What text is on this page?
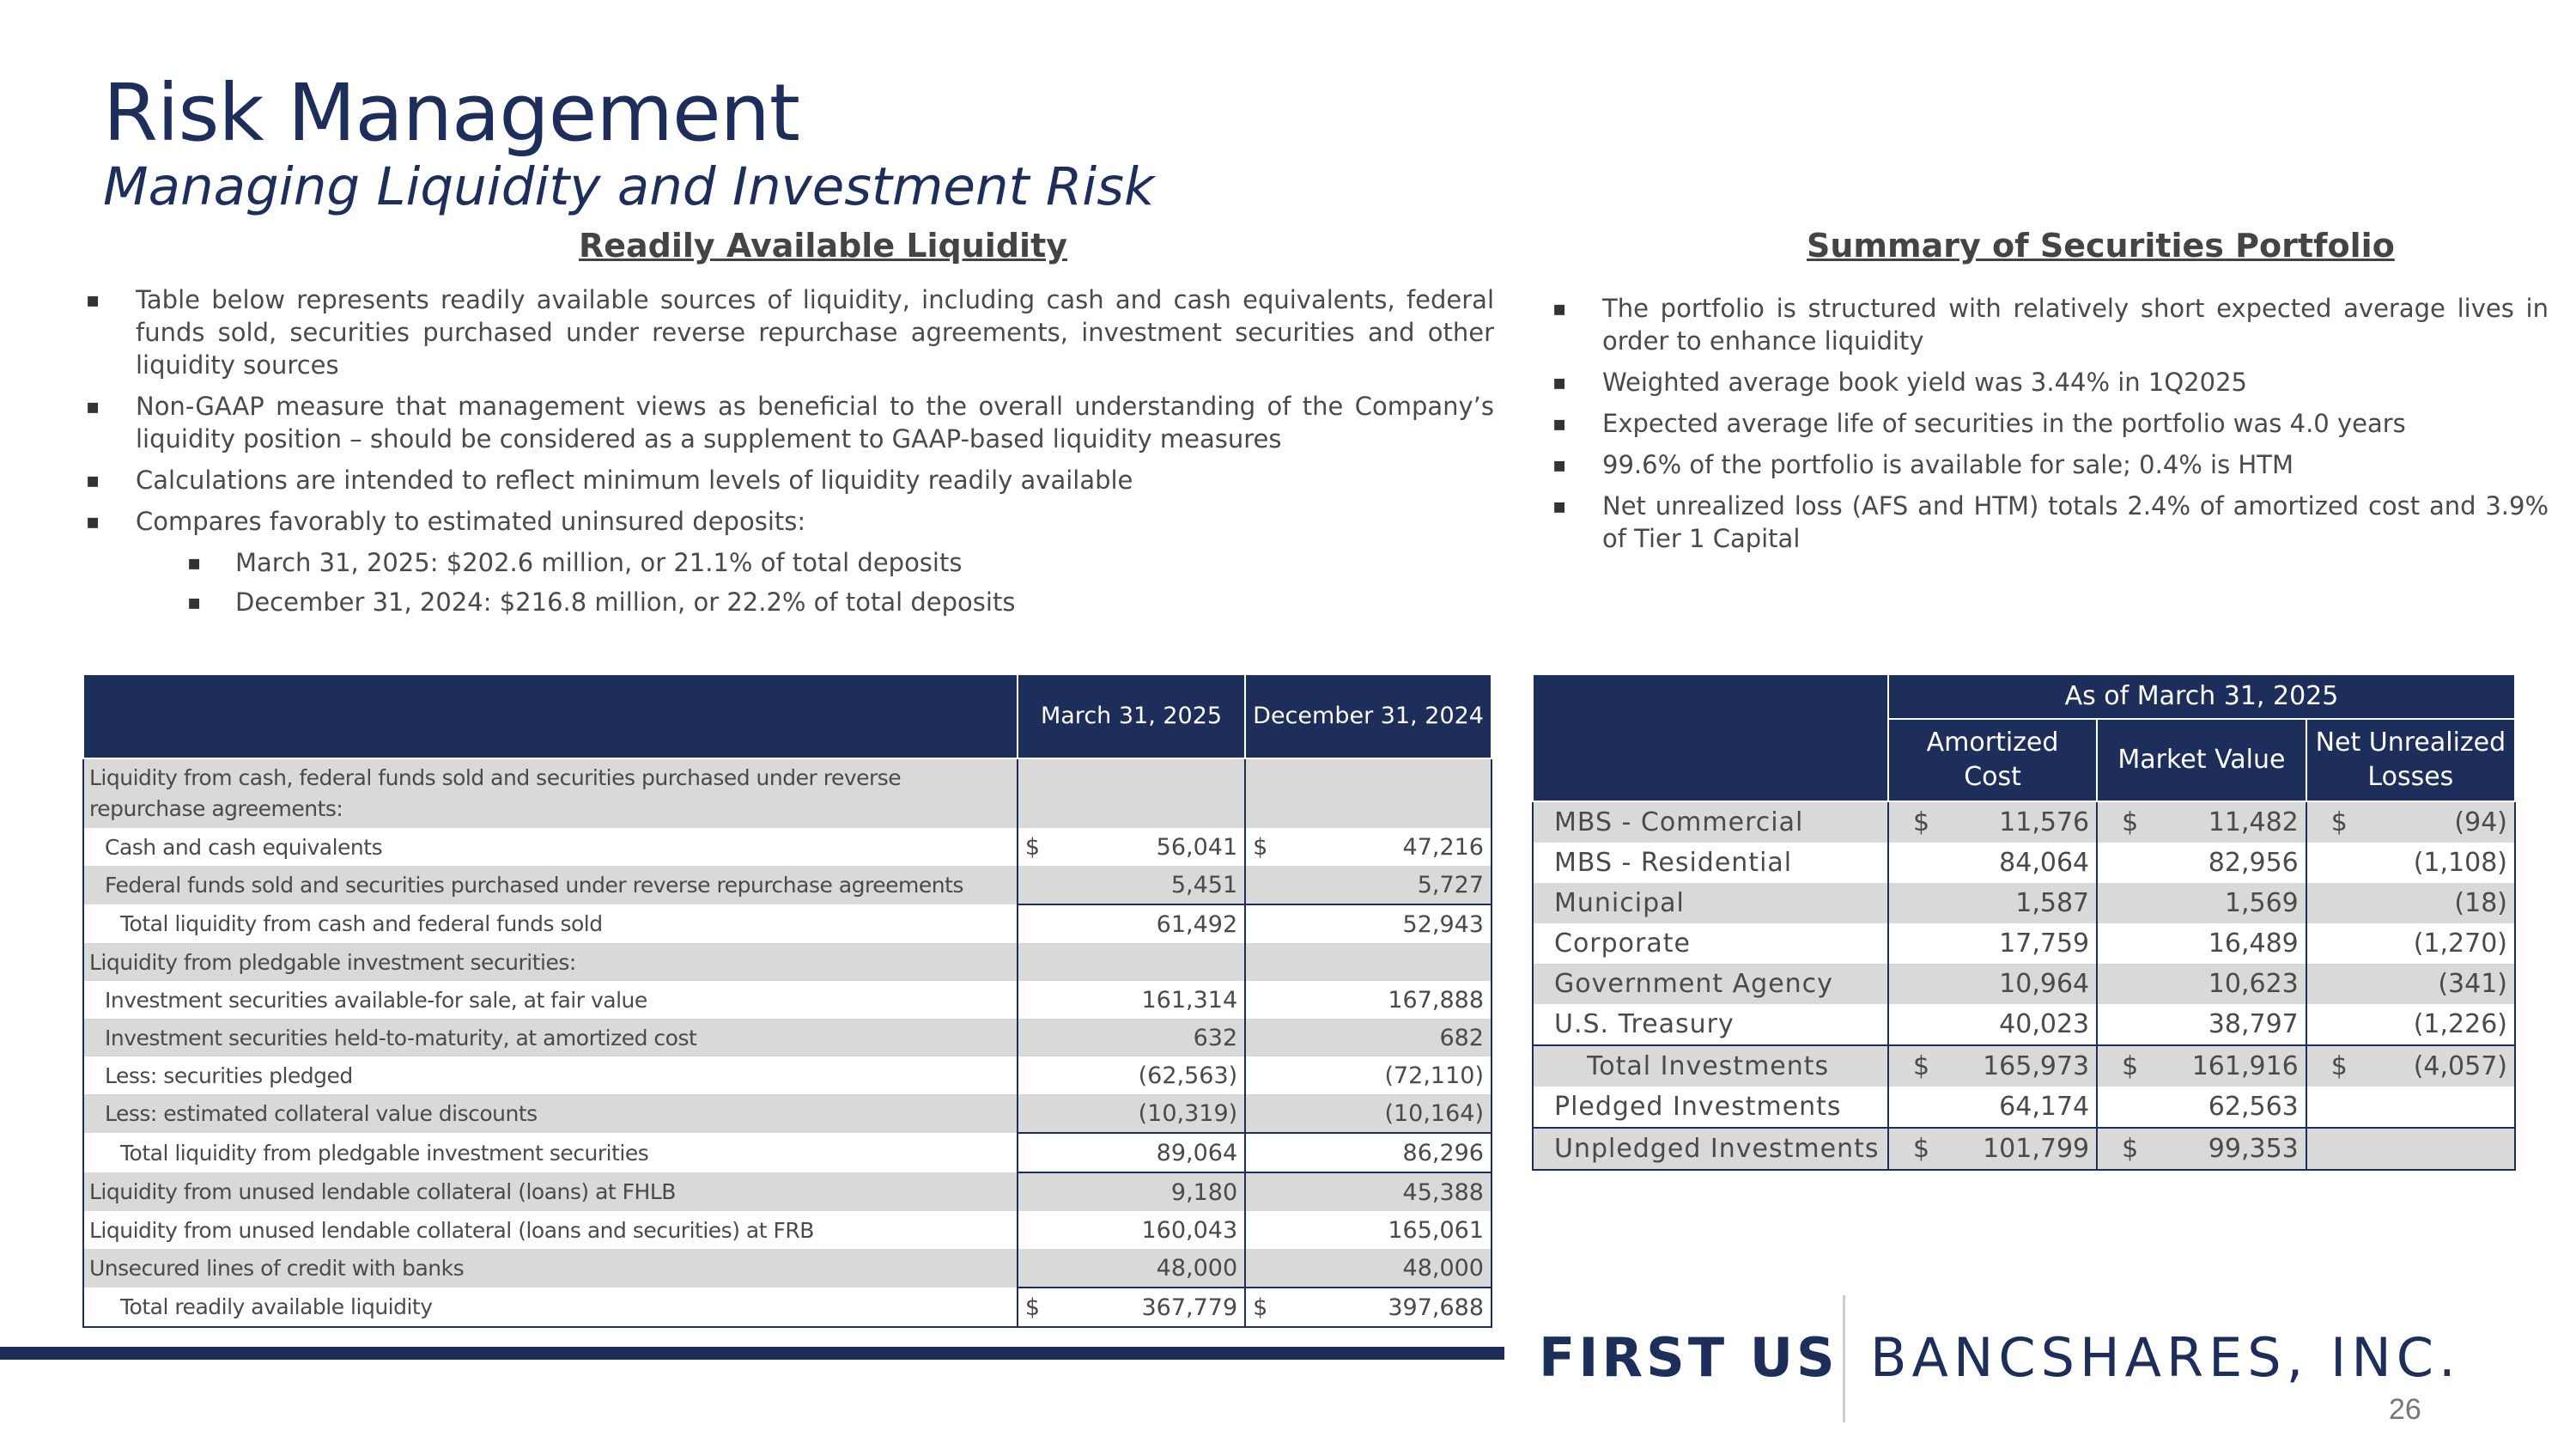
Risk Management
Managing Liquidity and Investment Risk
Readily Available Liquidity	Summary of Securities Portfolio
▪ Table below represents readily available sources of liquidity, including cash and cash equivalents, federal funds sold, securities purchased under reverse repurchase agreements, investment securities and other liquidity sources
▪ Non-GAAP measure that management views as beneficial to the overall understanding of the Company’s liquidity position – should be considered as a supplement to GAAP-based liquidity measures
▪ Calculations are intended to reflect minimum levels of liquidity readily available
▪ Compares favorably to estimated uninsured deposits:
▪ March 31, 2025: $202.6 million, or 21.1% of total deposits
▪ December 31, 2024: $216.8 million, or 22.2% of total deposits
▪ The portfolio is structured with relatively short expected average lives in order to enhance liquidity
▪ Weighted average book yield was 3.44% in 1Q2025
▪ Expected average life of securities in the portfolio was 4.0 years
▪ 99.6% of the portfolio is available for sale; 0.4% is HTM
▪ Net unrealized loss (AFS and HTM) totals 2.4% of amortized cost and 3.9% of Tier 1 Capital
	March 31, 2025	December 31, 2024
Liquidity from cash, federal funds sold and securities purchased under reverse repurchase agreements:		
Cash and cash equivalents	$ 56,041	$ 47,216
Federal funds sold and securities purchased under reverse repurchase agreements	5,451	5,727
Total liquidity from cash and federal funds sold	61,492	52,943
Liquidity from pledgable investment securities:		
Investment securities available-for sale, at fair value	161,314	167,888
Investment securities held-to-maturity, at amortized cost	632	682
Less: securities pledged	(62,563)	(72,110)
Less: estimated collateral value discounts	(10,319)	(10,164)
Total liquidity from pledgable investment securities	89,064	86,296
Liquidity from unused lendable collateral (loans) at FHLB	9,180	45,388
Liquidity from unused lendable collateral (loans and securities) at FRB	160,043	165,061
Unsecured lines of credit with banks	48,000	48,000
Total readily available liquidity	$ 367,779	$ 397,688
	As of March 31, 2025		
	Amortized Cost	Market Value	Net Unrealized Losses
MBS - Commercial	$ 11,576	$ 11,482	$ (94)
MBS - Residential	84,064	82,956	(1,108)
Municipal	1,587	1,569	(18)
Corporate	17,759	16,489	(1,270)
Government Agency	10,964	10,623	(341)
U.S. Treasury	40,023	38,797	(1,226)
Total Investments	$ 165,973	$ 161,916	$ (4,057)
Pledged Investments	64,174	62,563	
Unpledged Investments	$ 101,799	$ 99,353	
FIRST US BANCSHARES, INC.
26
